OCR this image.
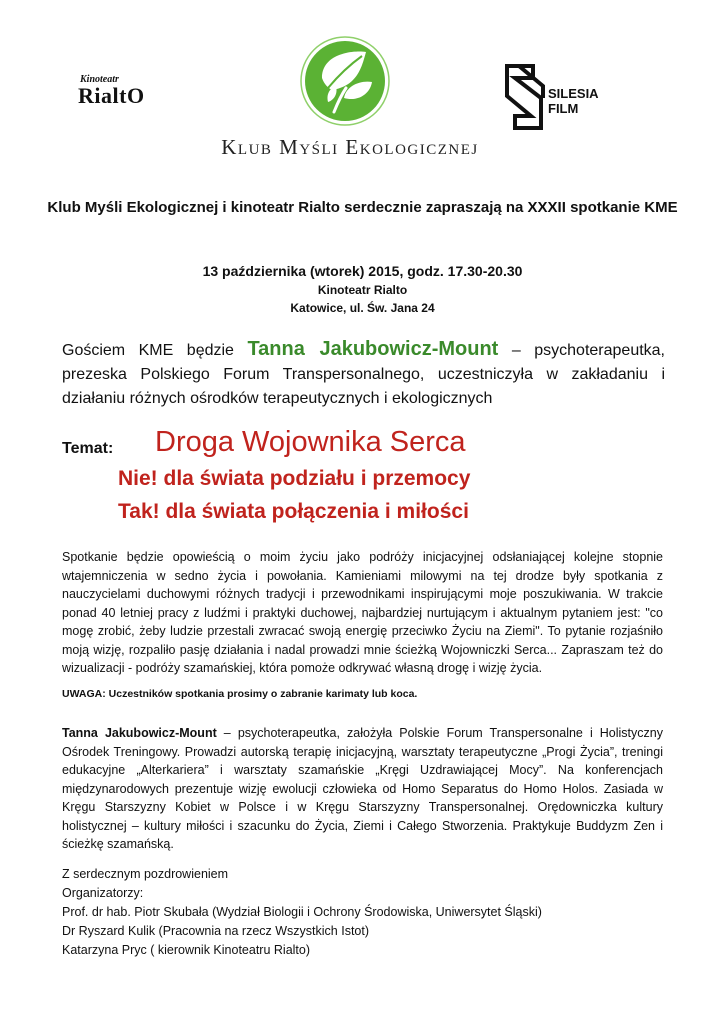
Kinoteatr
RialtO
Klub Myśli Ekologicznej
SILESIA
FILM
Klub Myśli Ekologicznej i kinoteatr Rialto serdecznie zapraszają na XXXII spotkanie KME
13 października (wtorek) 2015, godz. 17.30-20.30
Kinoteatr Rialto
Katowice, ul. Św. Jana 24
Gościem KME będzie Tanna Jakubowicz-Mount – psychoterapeutka, prezeska Polskiego Forum Transpersonalnego, uczestniczyła w zakładaniu i działaniu różnych ośrodków terapeutycznych i ekologicznych
Temat: Droga Wojownika Serca
Nie! dla świata podziału i przemocy
Tak! dla świata połączenia i miłości
Spotkanie będzie opowieścią o moim życiu jako podróży inicjacyjnej odsłaniającej kolejne stopnie wtajemniczenia w sedno życia i powołania. Kamieniami milowymi na tej drodze były spotkania z nauczycielami duchowymi różnych tradycji i przewodnikami inspirującymi moje poszukiwania. W trakcie ponad 40 letniej pracy z ludźmi i praktyki duchowej, najbardziej nurtującym i aktualnym pytaniem jest: "co mogę zrobić, żeby ludzie przestali zwracać swoją energię przeciwko Życiu na Ziemi". To pytanie rozjaśniło moją wizję, rozpaliło pasję działania i nadal prowadzi mnie ścieżką Wojowniczki Serca... Zapraszam też do wizualizacji - podróży szamańskiej, która pomoże odkrywać własną drogę i wizję życia.
UWAGA: Uczestników spotkania prosimy o zabranie karimaty lub koca.
Tanna Jakubowicz-Mount – psychoterapeutka, założyła Polskie Forum Transpersonalne i Holistyczny Ośrodek Treningowy. Prowadzi autorską terapię inicjacyjną, warsztaty terapeutyczne „Progi Życia”, treningi edukacyjne „Alterkariera” i warsztaty szamańskie „Kręgi Uzdrawiającej Mocy”. Na konferencjach międzynarodowych prezentuje wizję ewolucji człowieka od Homo Separatus do Homo Holos. Zasiada w Kręgu Starszyzny Kobiet w Polsce i w Kręgu Starszyzny Transpersonalnej. Orędowniczka kultury holistycznej – kultury miłości i szacunku do Życia, Ziemi i Całego Stworzenia. Praktykuje Buddyzm Zen i ścieżkę szamańską.
Z serdecznym pozdrowieniem
Organizatorzy:
Prof. dr hab. Piotr Skubała (Wydział Biologii i Ochrony Środowiska, Uniwersytet Śląski)
Dr Ryszard Kulik (Pracownia na rzecz Wszystkich Istot)
Katarzyna Pryc ( kierownik Kinoteatru Rialto)
